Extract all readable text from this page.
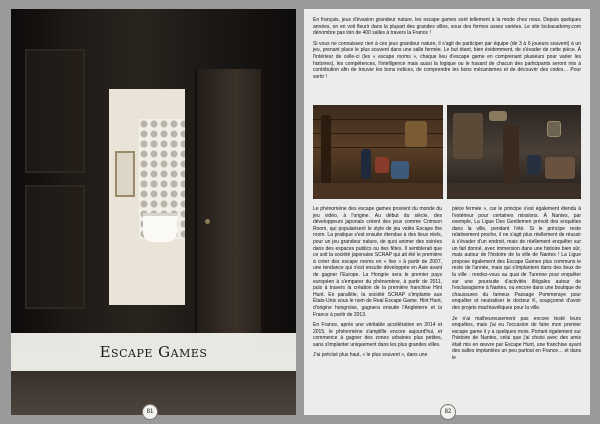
Escape Games
81

En français, jeux d'évasion grandeur nature, les escape games sont tellement à la mode chez nous. Depuis quelques années, on en voit fleurir dans la plupart des grandes villes, sous des formes assez variées. Le site lockacademy.com dénombre pas loin de 400 salles à travers la France !

Si vous ne connaissez rien à ces jeux grandeur nature, il s'agit de participer par équipe (de 3 à 6 joueurs souvent) à un jeu, prenant place le plus souvent dans une salle fermée. Le but étant, bien évidemment, de s'évader de cette pièce. À l'intérieur de celle-ci (les « escape rooms », chaque lieu d'escape game en comprenant plusieurs pour varier les histoires), les compétences, l'intelligence mais aussi la logique ou le hasard de chacun des participants seront mis à contribution afin de trouver les bons indices, de comprendre les bons mécanismes et de découvrir des codes… Pour sortir !

Le phénomène des escape games provient du monde du jeu vidéo, à l'origine. Au début du siècle, des développeurs japonais créent des jeux comme Crimson Room, qui popularisent le style de jeu vidéo Escape the room. La pratique s'est ensuite étendue à des lieux réels, pour un jeu grandeur nature, de quoi animer des soirées dans des espaces publics ou des fêtes. Il semblerait que ce soit la société japonaise SCRAP qui ait été le première à créer des escape rooms en « live » à partir de 2007, une tendance qui s'est ensuite développée en Asie avant de gagner l'Europe. La Hongrie sera le premier pays européen à s'emparer du phénomène, à partir de 2011, puis à travers la création de la première franchise Hint Hunt. En parallèle, la société SCRAP s'implante aux États-Unis sous le nom de Real Escape Game. Hint Hunt, d'origine hongroise, gagnera ensuite l'Angleterre et la France à partir de 2013.

En France, après une véritable accélération en 2014 et 2015, le phénomène s'amplifie encore aujourd'hui, et commence à gagner des zones urbaines plus petites, sans s'implanter uniquement dans les plus grandes villes.

J'ai précisé plus haut, « le plus souvent », dans une

pièce fermée », car le principe s'est également étendu à l'extérieur pour certaines missions. À Nantes, par exemple, La Ligue Des Gentlemen prévoit des enquêtes dans la ville, pendant l'été. Si le principe reste relativement proche, il ne s'agit plus réellement de réussir à s'évader d'un endroit, mais de réellement enquêter sur un fait donné, avec immersion dans une histoire bien sûr, mais autour de l'histoire de la ville de Nantes ! La Ligue propose également des Escape Games plus communs le reste de l'année, mais qui s'implantent dans des lieux de la ville : rendez-vous au quai de Turenne pour enquêter sur une poursuite d'activités illégales autour de l'esclavagisme à Nantes, ou encore dans une boutique de chaussures du fameux Passage Pommeraye pour enquêter et neutraliser le docteur K, soupçonné d'avoir des projets machiavéliques pour la ville.

Je n'ai malheureusement pas encore testé leurs enquêtes, mais j'ai eu l'occasion de faire mon premier escape game il y a quelques mois. Portant également sur l'histoire de Nantes, celui que j'ai choisi avec des amis était mis en œuvre par Escape Hunt, une franchise ayant des salles implantées un peu partout en France… et dans le

82
